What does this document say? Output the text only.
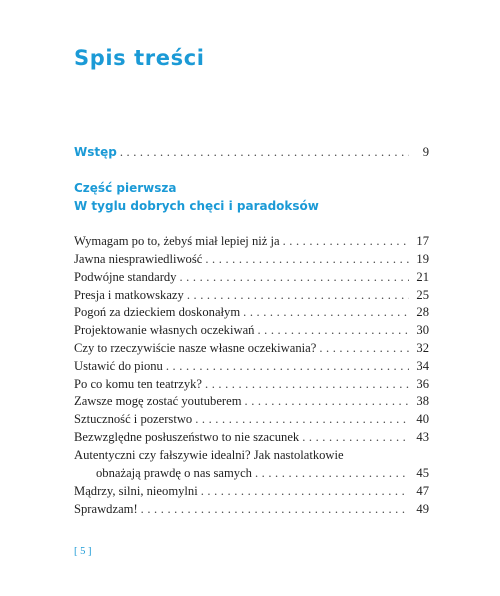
Spis treści
Wstęp . . .	9
Część pierwsza
W tyglu dobrych chęci i paradoksów
Wymagam po to, żebyś miał lepiej niż ja . . .	17
Jawna niesprawiedliwość . . .	19
Podwójne standardy . . .	21
Presja i matkowskazy . . .	25
Pogoń za dzieckiem doskonałym . . .	28
Projektowanie własnych oczekiwań . . .	30
Czy to rzeczywiście nasze własne oczekiwania? . . .	32
Ustawić do pionu . . .	34
Po co komu ten teatrzyk? . . .	36
Zawsze mogę zostać youtuberem . . .	38
Sztuczność i pozerstwo . . .	40
Bezwzględne posłuszeństwo to nie szacunek . . .	43
Autentyczni czy fałszywie idealni? Jak nastolatkowie
obnażają prawdę o nas samych . . .	45
Mądrzy, silni, nieomylni . . .	47
Sprawdzam! . . .	49
[ 5 ]
